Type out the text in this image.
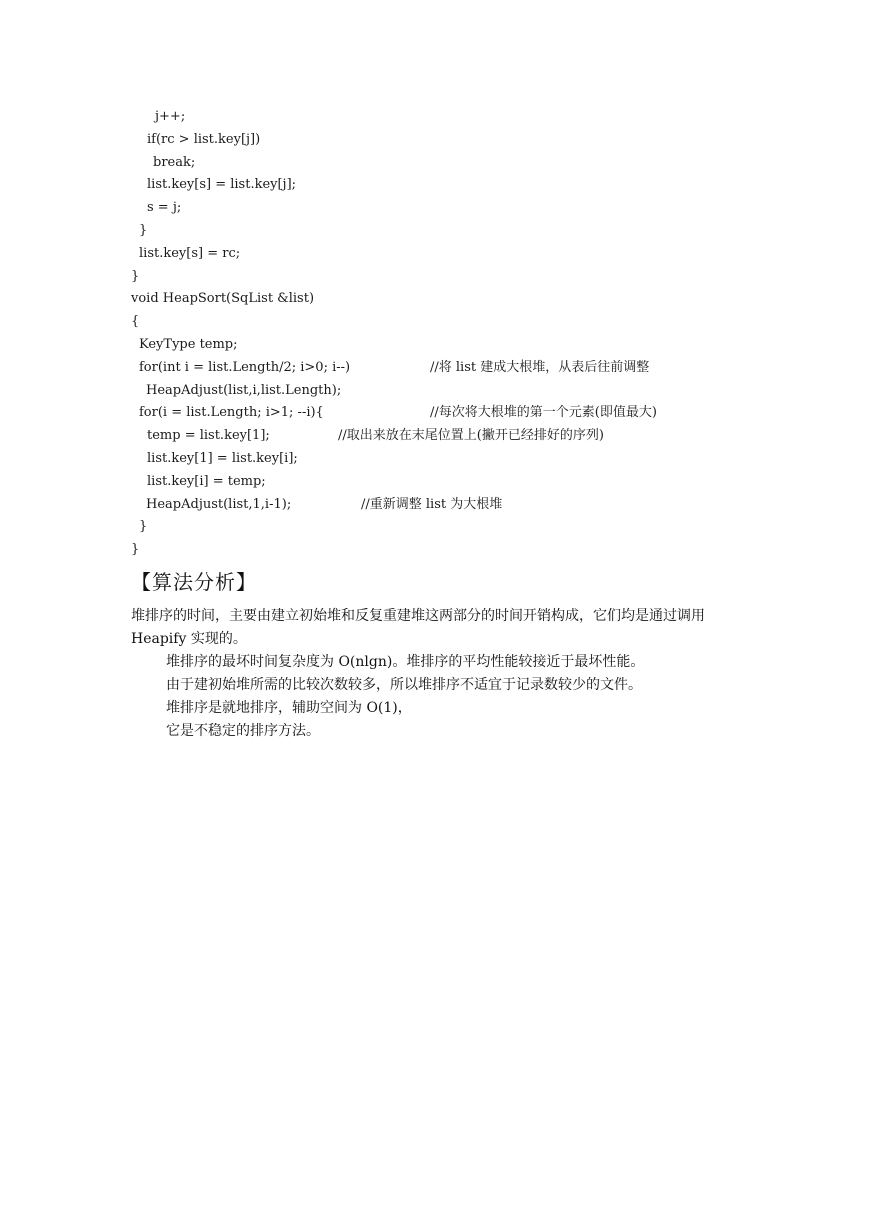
j++;
if(rc > list.key[j])
break;
list.key[s] = list.key[j];
s = j;
}
list.key[s] = rc;
}
void HeapSort(SqList &list)
{
KeyType temp;
for(int i = list.Length/2; i>0; i--)	//将 list 建成大根堆，从表后往前调整
HeapAdjust(list,i,list.Length);
for(i = list.Length; i>1; --i){	//每次将大根堆的第一个元素(即值最大)
temp = list.key[1];	//取出来放在末尾位置上(撇开已经排好的序列)
list.key[1] = list.key[i];
list.key[i] = temp;
HeapAdjust(list,1,i-1);	//重新调整 list 为大根堆
}
}
【算法分析】
堆排序的时间，主要由建立初始堆和反复重建堆这两部分的时间开销构成，它们均是通过调用 Heapify 实现的。
堆排序的最坏时间复杂度为 O(nlgn)。堆排序的平均性能较接近于最坏性能。
由于建初始堆所需的比较次数较多，所以堆排序不适宜于记录数较少的文件。
堆排序是就地排序，辅助空间为 O(1)，
它是不稳定的排序方法。
